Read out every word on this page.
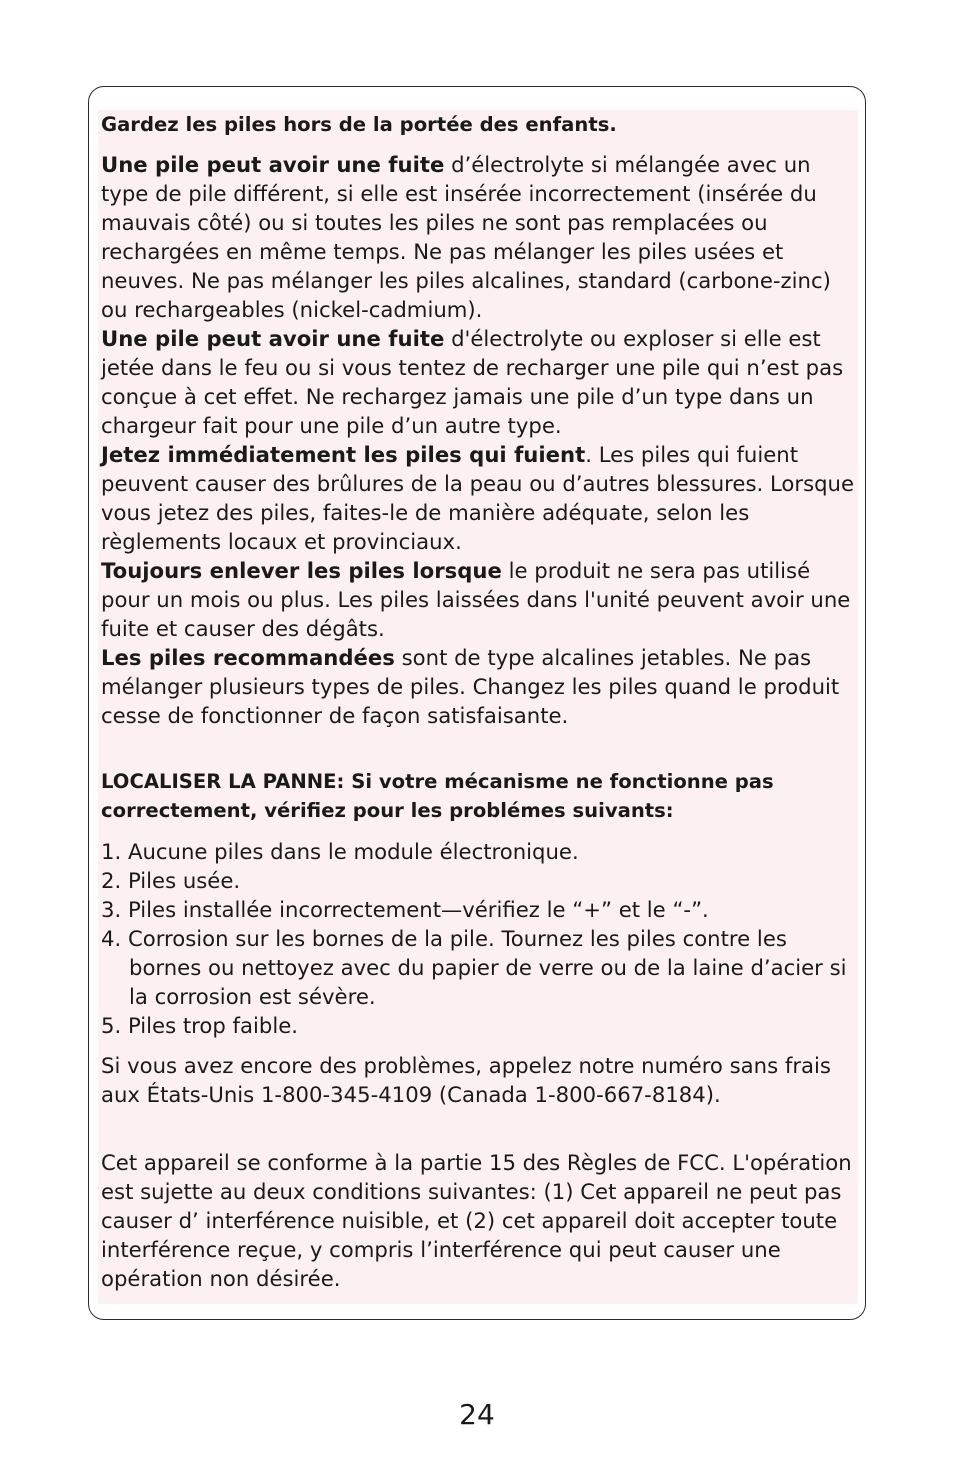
Gardez les piles hors de la portée des enfants.

Une pile peut avoir une fuite d’électrolyte si mélangée avec un type de pile différent, si elle est insérée incorrectement (insérée du mauvais côté) ou si toutes les piles ne sont pas remplacées ou rechargées en même temps. Ne pas mélanger les piles usées et neuves. Ne pas mélanger les piles alcalines, standard (carbone-zinc) ou rechargeables (nickel-cadmium).

Une pile peut avoir une fuite d'électrolyte ou exploser si elle est jetée dans le feu ou si vous tentez de recharger une pile qui n’est pas conçue à cet effet. Ne rechargez jamais une pile d’un type dans un chargeur fait pour une pile d’un autre type.

Jetez immédiatement les piles qui fuient. Les piles qui fuient peuvent causer des brûlures de la peau ou d’autres blessures. Lorsque vous jetez des piles, faites-le de manière adéquate, selon les règlements locaux et provinciaux.

Toujours enlever les piles lorsque le produit ne sera pas utilisé pour un mois ou plus. Les piles laissées dans l'unité peuvent avoir une fuite et causer des dégâts.

Les piles recommandées sont de type alcalines jetables. Ne pas mélanger plusieurs types de piles. Changez les piles quand le produit cesse de fonctionner de façon satisfaisante.

LOCALISER LA PANNE: Si votre mécanisme ne fonctionne pas correctement, vérifiez pour les problémes suivants:

1. Aucune piles dans le module électronique.
2. Piles usée.
3. Piles installée incorrectement—vérifiez le “+” et le “-”.
4. Corrosion sur les bornes de la pile. Tournez les piles contre les bornes ou nettoyez avec du papier de verre ou de la laine d’acier si la corrosion est sévère.
5. Piles trop faible.

Si vous avez encore des problèmes, appelez notre numéro sans frais aux États-Unis 1-800-345-4109 (Canada 1-800-667-8184).

Cet appareil se conforme à la partie 15 des Règles de FCC. L'opération est sujette au deux conditions suivantes: (1) Cet appareil ne peut pas causer d’ interférence nuisible, et (2) cet appareil doit accepter toute interférence reçue, y compris l’interférence qui peut causer une opération non désirée.

24
